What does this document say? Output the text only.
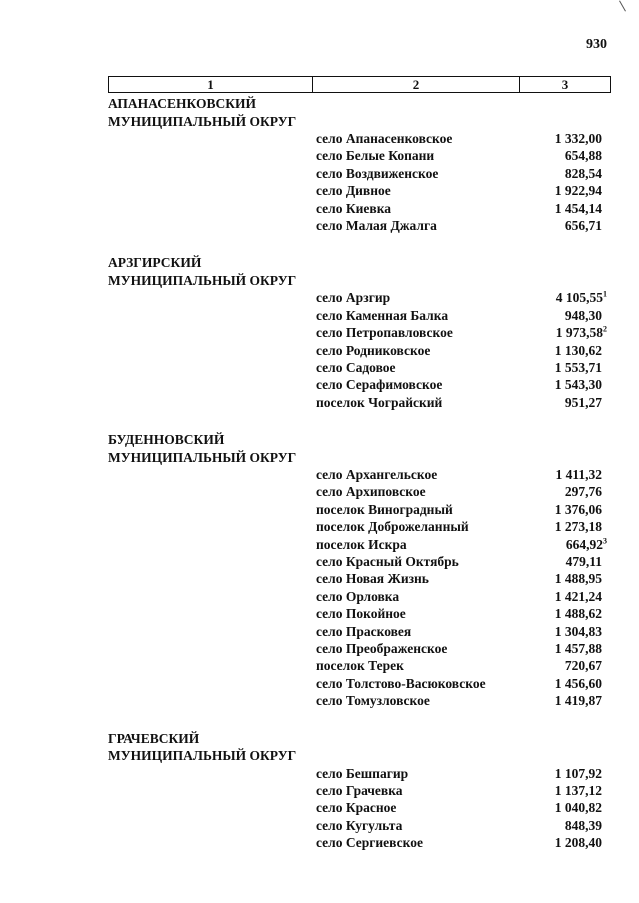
930
1	2	3
АПАНАСЕНКОВСКИЙ
МУНИЦИПАЛЬНЫЙ ОКРУГ
село Апанасенковское	1 332,00
село Белые Копани	654,88
село Воздвиженское	828,54
село Дивное	1 922,94
село Киевка	1 454,14
село Малая Джалга	656,71
АРЗГИРСКИЙ
МУНИЦИПАЛЬНЫЙ ОКРУГ
село Арзгир	4 105,55$^1$
село Каменная Балка	948,30
село Петропавловское	1 973,58$^2$
село Родниковское	1 130,62
село Садовое	1 553,71
село Серафимовское	1 543,30
поселок Чограйский	951,27
БУДЕННОВСКИЙ
МУНИЦИПАЛЬНЫЙ ОКРУГ
село Архангельское	1 411,32
село Архиповское	297,76
поселок Виноградный	1 376,06
поселок Доброжеланный	1 273,18
поселок Искра	664,92$^3$
село Красный Октябрь	479,11
село Новая Жизнь	1 488,95
село Орловка	1 421,24
село Покойное	1 488,62
село Прасковея	1 304,83
село Преображенское	1 457,88
поселок Терек	720,67
село Толстово-Васюковское	1 456,60
село Томузловское	1 419,87
ГРАЧЕВСКИЙ
МУНИЦИПАЛЬНЫЙ ОКРУГ
село Бешпагир	1 107,92
село Грачевка	1 137,12
село Красное	1 040,82
село Кугульта	848,39
село Сергиевское	1 208,40
